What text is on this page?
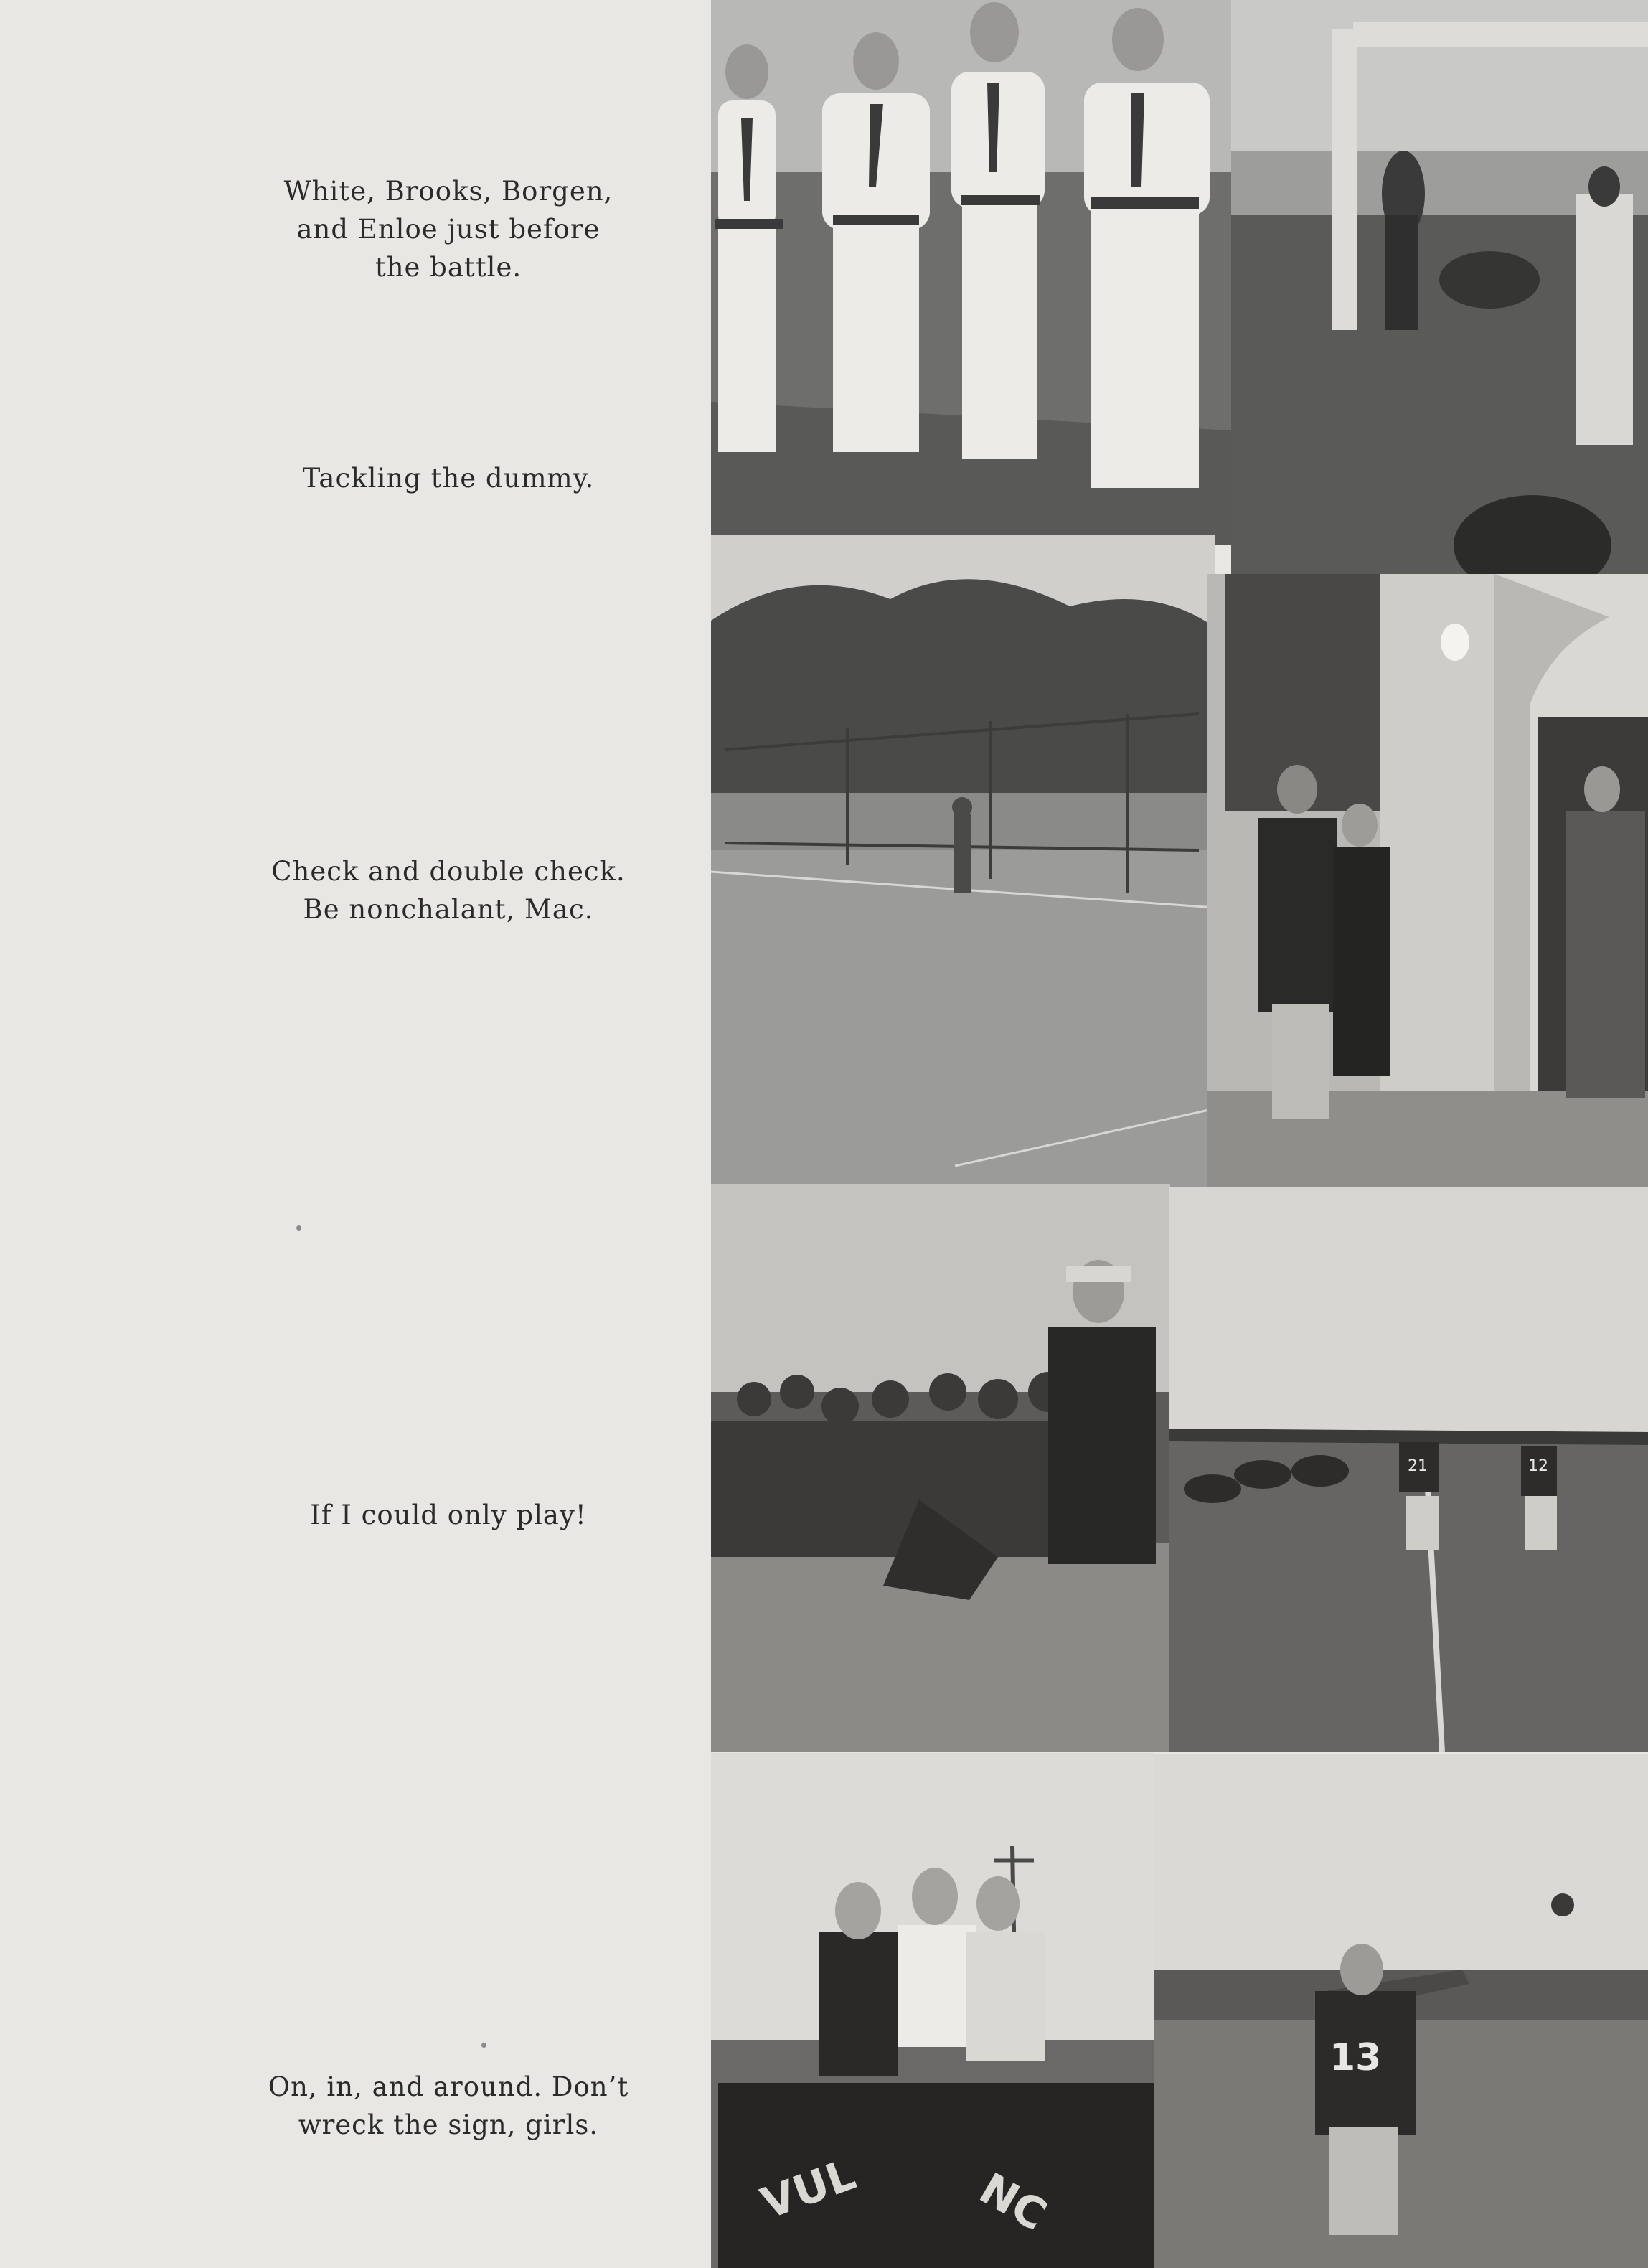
White, Brooks, Borgen,
and Enloe just before
the battle.
Tackling the dummy.
Check and double check.
Be nonchalant, Mac.
If I could only play!
On, in, and around. Don’t
wreck the sign, girls.
21	12
VUL	NC
13
